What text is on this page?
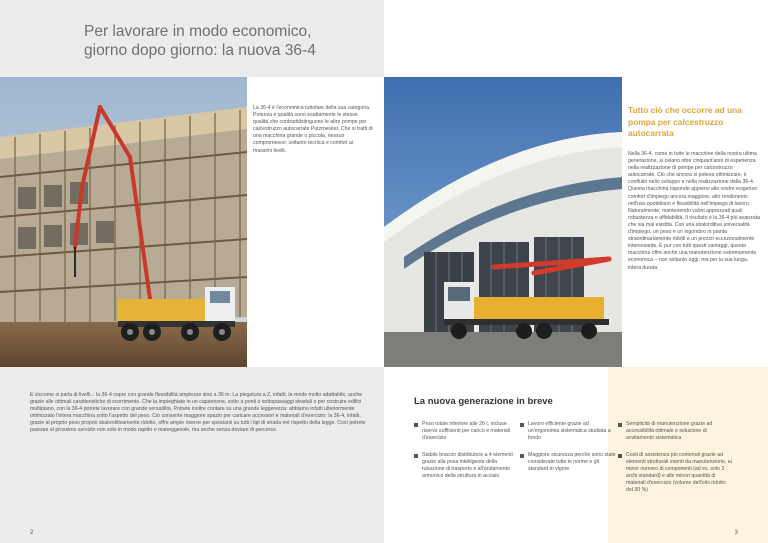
Per lavorare in modo economico,
giorno dopo giorno: la nuova 36-4

La 36-4 è l'economica tuttofare della sua categoria. Potenza e qualità sono esattamente le stesse qualità che contraddistinguono le altre pompe per calcestruzzo autocarrate Putzmeister. Che si tratti di una macchina grande o piccola, nessun compromesso: soltanto tecnica e comfort ai massimi livelli.

Tutto ciò che occorre ad una pompa per calcestruzzo autocarrata

Nella 36-4, come in tutte le macchine della nostra ultima generazione, si celano oltre cinquant'anni di esperienza nella realizzazione di pompe per calcestruzzo autocarrate. Ciò che ancora si poteva ottimizzare, è confluito nello sviluppo e nella realizzazione della 36-4. Questa macchina risponde appieno alle vostre esigenze: comfort d'impiego ancora maggiore, alto rendimento nell'uso quotidiano e flessibilità nell'impiego di lavoro. Naturalmente, mantenendo valori apprezzati quali robustezza e affidabilità. Il risultato è la 36-4 più avanzata che sia mai esistita. Con una sbalorditiva universalità d'impiego, un peso e un ingombro in pianta straordinariamente ridotti e un prezzo eccezionalmente interessante. E pur con tutti questi vantaggi, questa macchina offre anche una manutenzione estremamente economica – non soltanto oggi, ma per la sua lunga, intera durata.

E siccome si parla di livelli... la 36-4 copre con grande flessibilità ampiezze sino a 36 m. La piegatura a Z, infatti, la rende molto adattabile, anche grazie alle ottimali caratteristiche di scorrimento. Che la impieghiate in un capannone, sotto a ponti o sottopassaggi stradali o per costruire edifici multipiano, con la 36-4 potrete lavorare con grande versatilità. Potrete inoltre contare su una grande leggerezza: abbiamo infatti ulteriormente ottimizzato l'intera macchina sotto l'aspetto del peso. Ciò consente maggiore spazio per caricare accessori e materiali d'esercizio: la 36-4, infatti, grazie al proprio peso proprio sbalorditivamente ridotto, offre ampie riserve per spostarsi su tutti i tipi di strada nel rispetto della legge. Così potrete passare al prossimo servizio non solo in modo rapido e maneggevole, ma anche senza deviare di percorso.

2
La nuova generazione in breve
Peso totale inferiore alle 26 t, incluse riserve sufficienti per carico e materiali d'esercizio
Lavoro efficiente grazie ad un'ergonomia sistematica studiata a fondo
Semplicità di manutenzione grazie ad accessibilità ottimale e soluzione di avvitamento sistematica
Stabile braccio distributore a 4 elementi grazie alla posa intelligente della tubazione di trasporto e all'andamento armonico della struttura in acciaio
Maggiore sicurezza perché sono state considerate tutte le norme e gli standard in vigore
Costi di assistenza più contenuti grazie ad elementi strutturali esenti da manutenzione, ai minor numero di componenti (ad es. solo 2 archi standard) e alle minori quantità di materiali d'esercizio (volume dell'olio ridotto del 30 %)
3
